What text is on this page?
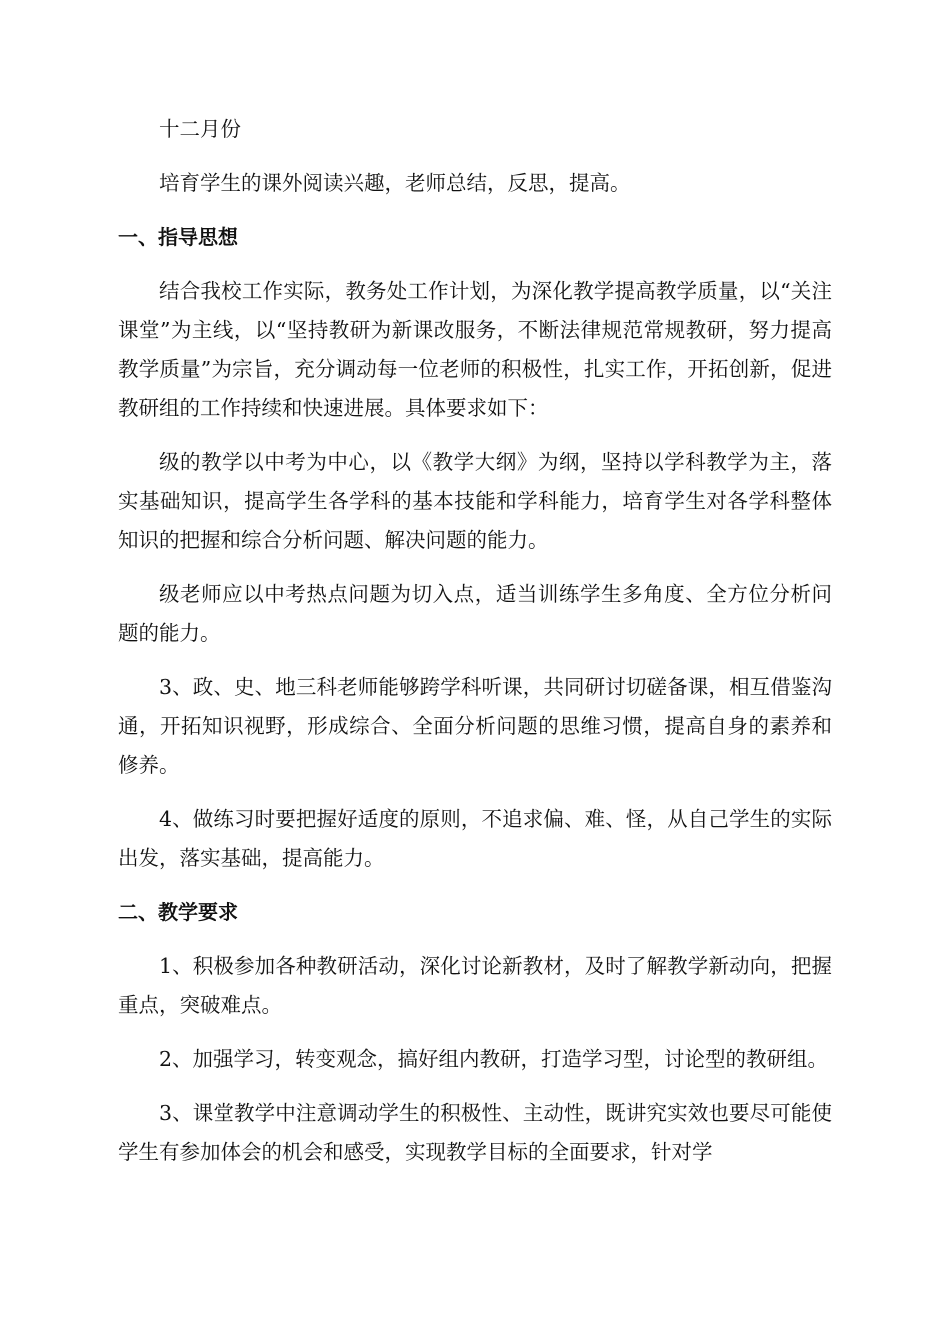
十二月份

培育学生的课外阅读兴趣，老师总结，反思，提高。

一、指导思想

结合我校工作实际，教务处工作计划，为深化教学提高教学质量，以“关注课堂”为主线，以“坚持教研为新课改服务，不断法律规范常规教研，努力提高教学质量”为宗旨，充分调动每一位老师的积极性，扎实工作，开拓创新，促进教研组的工作持续和快速进展。具体要求如下：

级的教学以中考为中心，以《教学大纲》为纲，坚持以学科教学为主，落实基础知识，提高学生各学科的基本技能和学科能力，培育学生对各学科整体知识的把握和综合分析问题、解决问题的能力。

级老师应以中考热点问题为切入点，适当训练学生多角度、全方位分析问题的能力。

3、政、史、地三科老师能够跨学科听课，共同研讨切磋备课，相互借鉴沟通，开拓知识视野，形成综合、全面分析问题的思维习惯，提高自身的素养和修养。

4、做练习时要把握好适度的原则，不追求偏、难、怪，从自己学生的实际出发，落实基础，提高能力。

二、教学要求

1、积极参加各种教研活动，深化讨论新教材，及时了解教学新动向，把握重点，突破难点。

2、加强学习，转变观念，搞好组内教研，打造学习型，讨论型的教研组。

3、课堂教学中注意调动学生的积极性、主动性，既讲究实效也要尽可能使学生有参加体会的机会和感受，实现教学目标的全面要求，针对学
